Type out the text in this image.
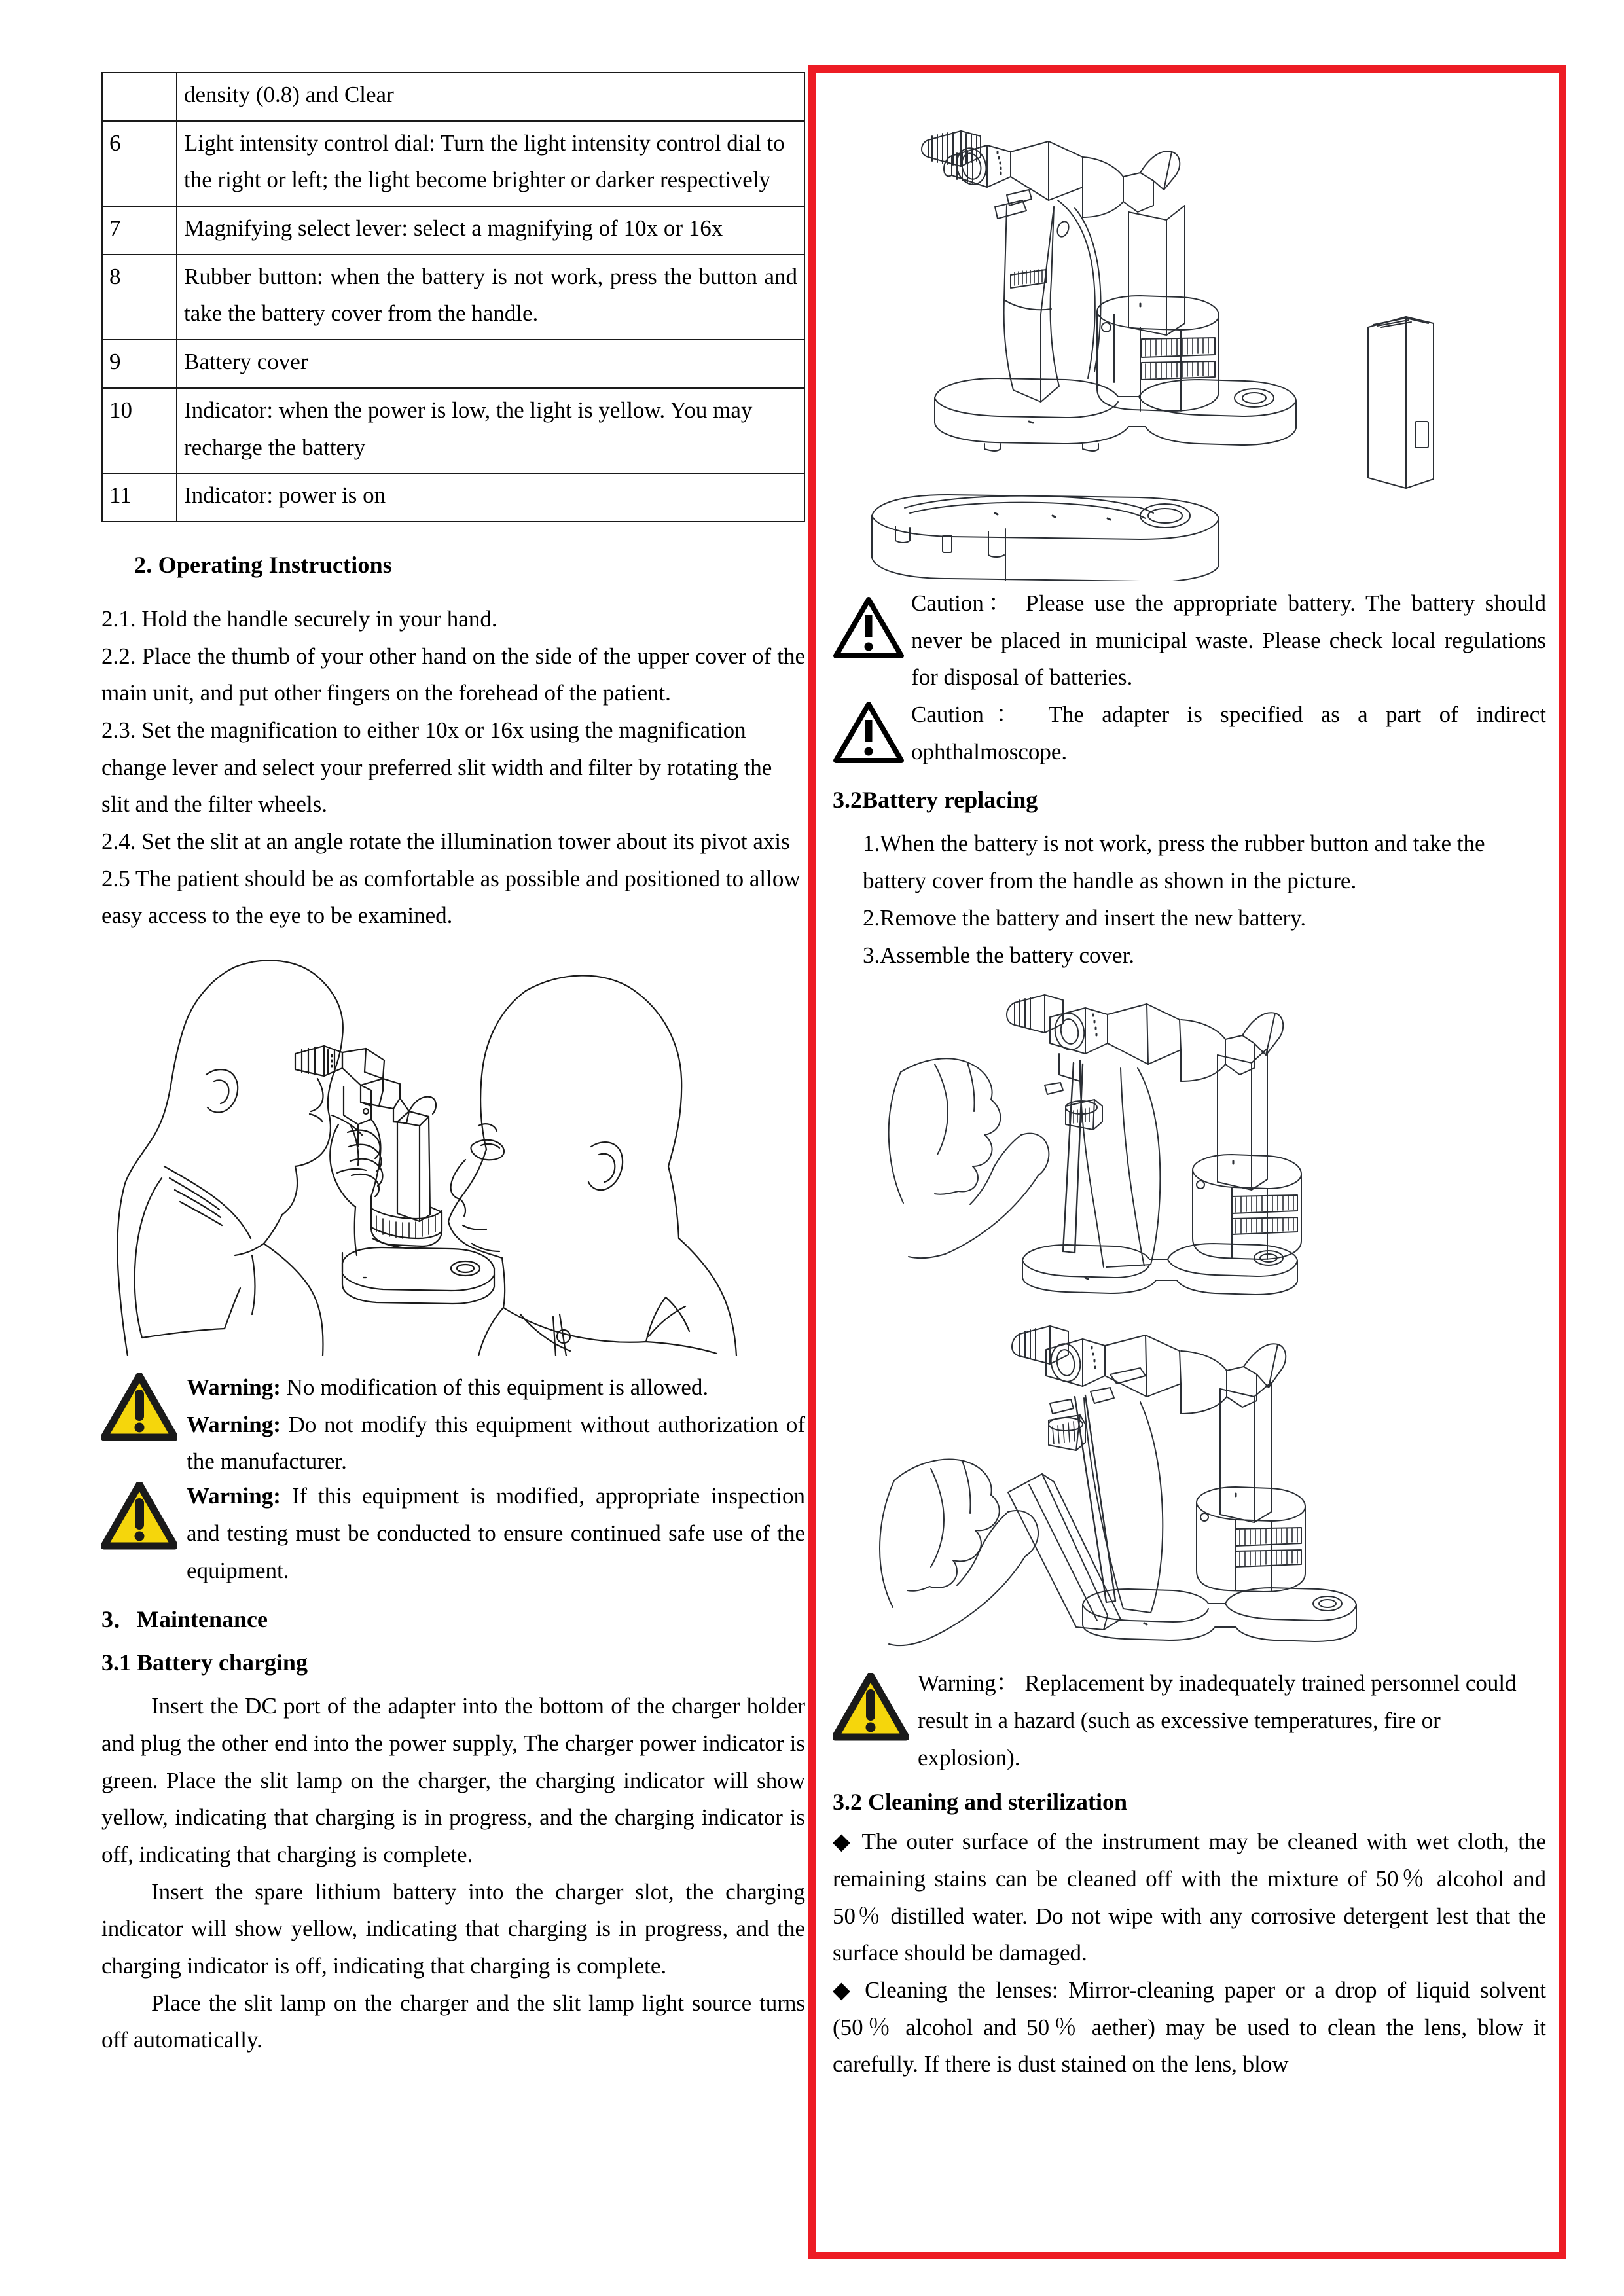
	density (0.8) and Clear
6	Light intensity control dial: Turn the light intensity control dial to the right or left; the light become brighter or darker respectively
7	Magnifying select lever: select a magnifying of 10x or 16x
8	Rubber button: when the battery is not work, press the button and take the battery cover from the handle.
9	Battery cover
10	Indicator: when the power is low, the light is yellow. You may recharge the battery
11	Indicator: power is on
2. Operating Instructions

2.1. Hold the handle securely in your hand.

2.2. Place the thumb of your other hand on the side of the upper cover of the main unit, and put other fingers on the forehead of the patient.

2.3. Set the magnification to either 10x or 16x using the magnification change lever and select your preferred slit width and filter by rotating the slit and the filter wheels.

2.4. Set the slit at an angle rotate the illumination tower about its pivot axis

2.5 The patient should be as comfortable as possible and positioned to allow easy access to the eye to be examined.

Warning: No modification of this equipment is allowed.
Warning: Do not modify this equipment without authorization of the manufacturer.
Warning: If this equipment is modified, appropriate inspection and testing must be conducted to ensure continued safe use of the equipment.
3．Maintenance
3.1 Battery charging

Insert the DC port of the adapter into the bottom of the charger holder and plug the other end into the power supply, The charger power indicator is green. Place the slit lamp on the charger, the charging indicator will show yellow, indicating that charging is in progress, and the charging indicator is off, indicating that charging is complete.

Insert the spare lithium battery into the charger slot, the charging indicator will show yellow, indicating that charging is in progress, and the charging indicator is off, indicating that charging is complete.

Place the slit lamp on the charger and the slit lamp light source turns off automatically.

Caution： Please use the appropriate battery. The battery should never be placed in municipal waste. Please check local regulations for disposal of batteries.
Caution： The adapter is specified as a part of indirect ophthalmoscope.
3.2Battery replacing

1.When the battery is not work, press the rubber button and take the battery cover from the handle as shown in the picture.

2.Remove the battery and insert the new battery.

3.Assemble the battery cover.

Warning： Replacement by inadequately trained personnel could result in a hazard (such as excessive temperatures, fire or explosion).
3.2 Cleaning and sterilization

◆ The outer surface of the instrument may be cleaned with wet cloth, the remaining stains can be cleaned off with the mixture of 50％ alcohol and 50％ distilled water. Do not wipe with any corrosive detergent lest that the surface should be damaged.

◆ Cleaning the lenses: Mirror-cleaning paper or a drop of liquid solvent (50％ alcohol and 50％ aether) may be used to clean the lens, blow it carefully. If there is dust stained on the lens, blow
